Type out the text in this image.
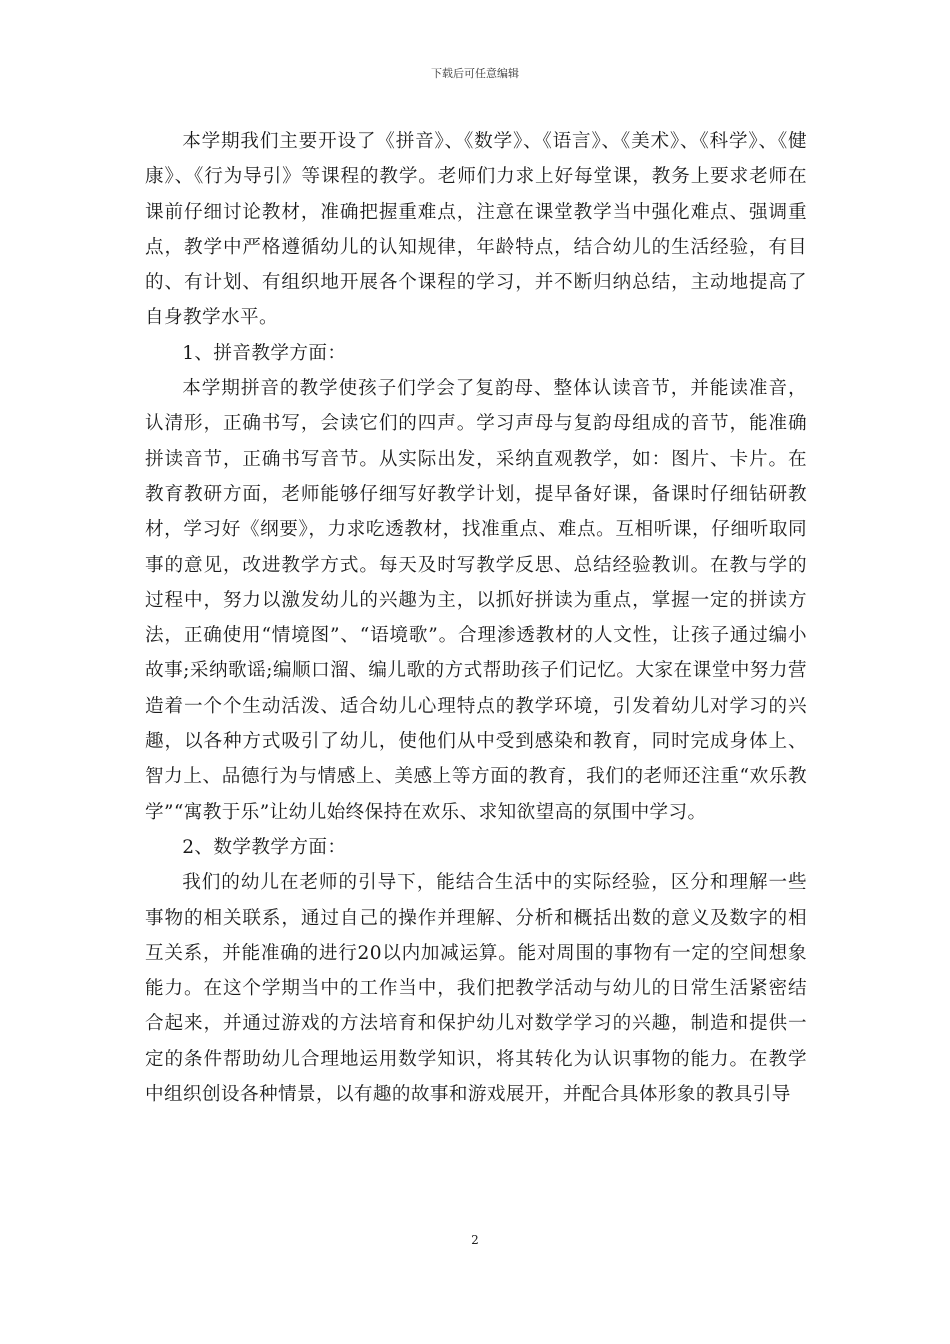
下载后可任意编辑

本学期我们主要开设了《拼音》、《数学》、《语言》、《美术》、《科学》、《健康》、《行为导引》等课程的教学。老师们力求上好每堂课，教务上要求老师在课前仔细讨论教材，准确把握重难点，注意在课堂教学当中强化难点、强调重点，教学中严格遵循幼儿的认知规律，年龄特点，结合幼儿的生活经验，有目的、有计划、有组织地开展各个课程的学习，并不断归纳总结，主动地提高了自身教学水平。

1、拼音教学方面：

本学期拼音的教学使孩子们学会了复韵母、整体认读音节，并能读准音，认清形，正确书写，会读它们的四声。学习声母与复韵母组成的音节，能准确拼读音节，正确书写音节。从实际出发，采纳直观教学，如：图片、卡片。在教育教研方面，老师能够仔细写好教学计划，提早备好课，备课时仔细钻研教材，学习好《纲要》，力求吃透教材，找准重点、难点。互相听课，仔细听取同事的意见，改进教学方式。每天及时写教学反思、总结经验教训。在教与学的过程中，努力以激发幼儿的兴趣为主，以抓好拼读为重点，掌握一定的拼读方法，正确使用“情境图”、“语境歌”。合理渗透教材的人文性，让孩子通过编小故事;采纳歌谣;编顺口溜、编儿歌的方式帮助孩子们记忆。大家在课堂中努力营造着一个个生动活泼、适合幼儿心理特点的教学环境，引发着幼儿对学习的兴趣，以各种方式吸引了幼儿，使他们从中受到感染和教育，同时完成身体上、智力上、品德行为与情感上、美感上等方面的教育，我们的老师还注重“欢乐教学”“寓教于乐”让幼儿始终保持在欢乐、求知欲望高的氛围中学习。

2、数学教学方面：

我们的幼儿在老师的引导下，能结合生活中的实际经验，区分和理解一些事物的相关联系，通过自己的操作并理解、分析和概括出数的意义及数字的相互关系，并能准确的进行20以内加减运算。能对周围的事物有一定的空间想象能力。在这个学期当中的工作当中，我们把教学活动与幼儿的日常生活紧密结合起来，并通过游戏的方法培育和保护幼儿对数学学习的兴趣，制造和提供一定的条件帮助幼儿合理地运用数学知识，将其转化为认识事物的能力。在教学中组织创设各种情景，以有趣的故事和游戏展开，并配合具体形象的教具引导

2
